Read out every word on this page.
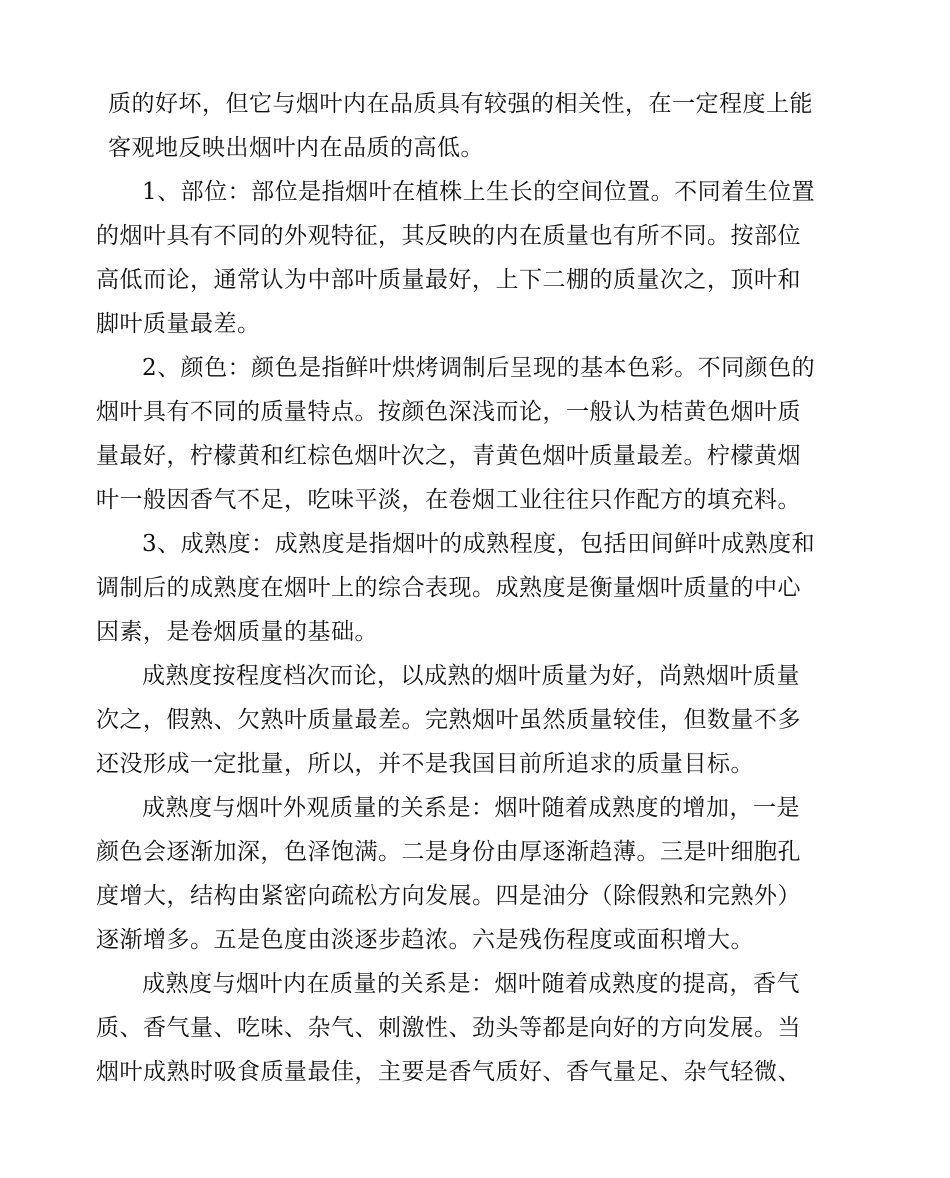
质的好坏，但它与烟叶内在品质具有较强的相关性，在一定程度上能
客观地反映出烟叶内在品质的高低。
1、部位：部位是指烟叶在植株上生长的空间位置。不同着生位置
的烟叶具有不同的外观特征，其反映的内在质量也有所不同。按部位
高低而论，通常认为中部叶质量最好，上下二棚的质量次之，顶叶和
脚叶质量最差。
2、颜色：颜色是指鲜叶烘烤调制后呈现的基本色彩。不同颜色的
烟叶具有不同的质量特点。按颜色深浅而论，一般认为桔黄色烟叶质
量最好，柠檬黄和红棕色烟叶次之，青黄色烟叶质量最差。柠檬黄烟
叶一般因香气不足，吃味平淡，在卷烟工业往往只作配方的填充料。
3、成熟度：成熟度是指烟叶的成熟程度，包括田间鲜叶成熟度和
调制后的成熟度在烟叶上的综合表现。成熟度是衡量烟叶质量的中心
因素，是卷烟质量的基础。
成熟度按程度档次而论，以成熟的烟叶质量为好，尚熟烟叶质量
次之，假熟、欠熟叶质量最差。完熟烟叶虽然质量较佳，但数量不多
还没形成一定批量，所以，并不是我国目前所追求的质量目标。
成熟度与烟叶外观质量的关系是：烟叶随着成熟度的增加，一是
颜色会逐渐加深，色泽饱满。二是身份由厚逐渐趋薄。三是叶细胞孔
度增大，结构由紧密向疏松方向发展。四是油分（除假熟和完熟外）
逐渐增多。五是色度由淡逐步趋浓。六是残伤程度或面积增大。
成熟度与烟叶内在质量的关系是：烟叶随着成熟度的提高，香气
质、香气量、吃味、杂气、刺激性、劲头等都是向好的方向发展。当
烟叶成熟时吸食质量最佳，主要是香气质好、香气量足、杂气轻微、
